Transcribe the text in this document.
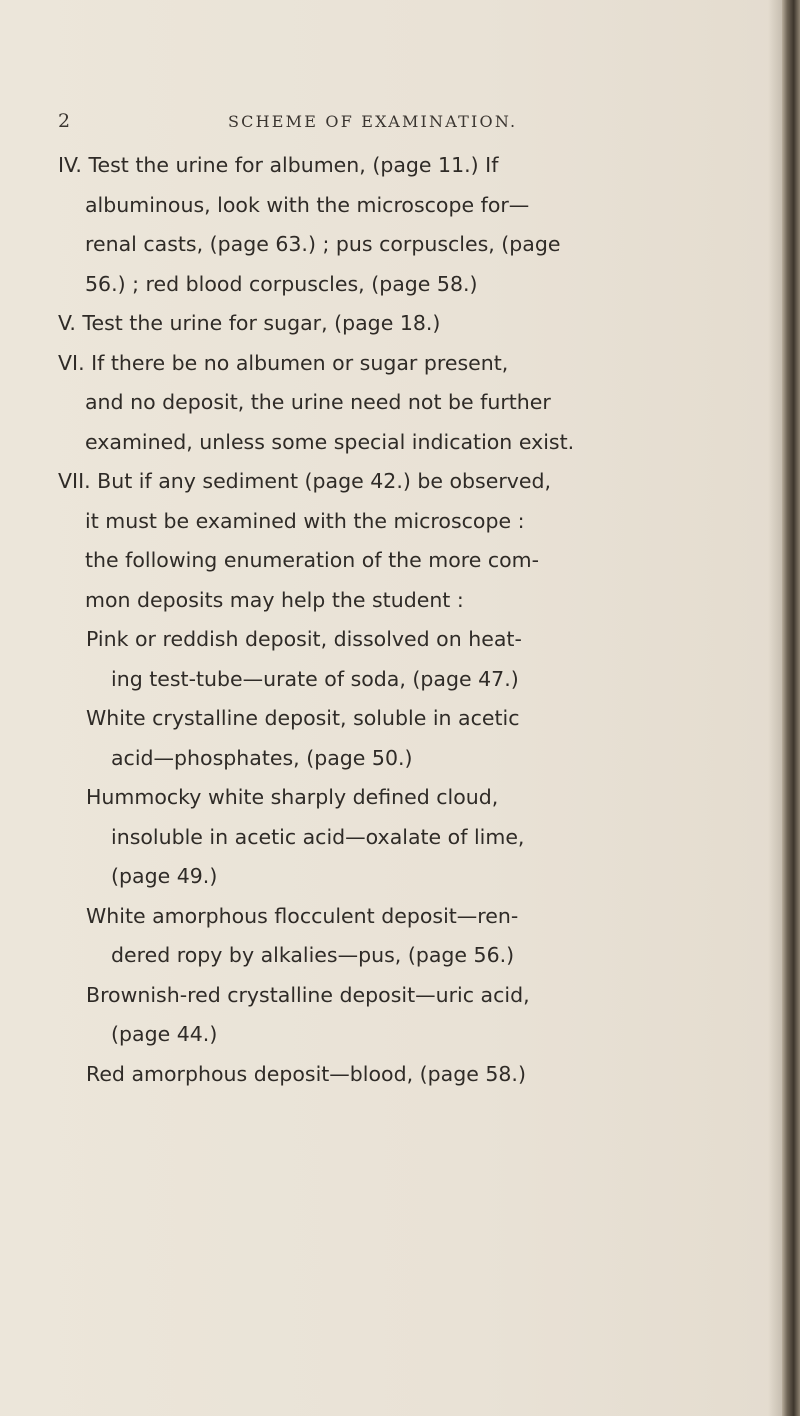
2	SCHEME OF EXAMINATION.
IV. Test the urine for albumen, (page 11.) If
albuminous, look with the microscope for—
renal casts, (page 63.) ; pus corpuscles, (page
56.) ; red blood corpuscles, (page 58.)
V. Test the urine for sugar, (page 18.)
VI. If there be no albumen or sugar present,
and no deposit, the urine need not be further
examined, unless some special indication exist.
VII. But if any sediment (page 42.) be observed,
it must be examined with the microscope :
the following enumeration of the more com-
mon deposits may help the student :
Pink or reddish deposit, dissolved on heat-
ing test-tube—urate of soda, (page 47.)
White crystalline deposit, soluble in acetic
acid—phosphates, (page 50.)
Hummocky white sharply defined cloud,
insoluble in acetic acid—oxalate of lime,
(page 49.)
White amorphous flocculent deposit—ren-
dered ropy by alkalies—pus, (page 56.)
Brownish-red crystalline deposit—uric acid,
(page 44.)
Red amorphous deposit—blood, (page 58.)
